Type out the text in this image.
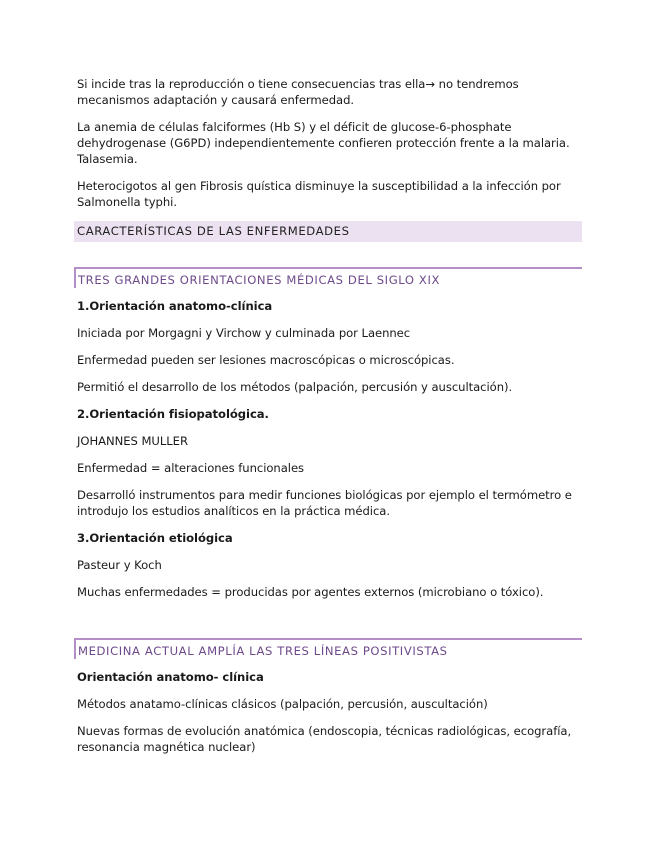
Si incide tras la reproducción o tiene consecuencias tras ella→ no tendremos mecanismos adaptación y causará enfermedad.

La anemia de células falciformes (Hb S) y el déficit de glucose-6-phosphate dehydrogenase (G6PD) independientemente confieren protección frente a la malaria. Talasemia.

Heterocigotos al gen Fibrosis quística disminuye la susceptibilidad a la infección por Salmonella typhi.

CARACTERÍSTICAS DE LAS ENFERMEDADES
TRES GRANDES ORIENTACIONES MÉDICAS DEL SIGLO XIX

1.Orientación anatomo-clínica

Iniciada por Morgagni y Virchow y culminada por Laennec

Enfermedad pueden ser lesiones macroscópicas o microscópicas.

Permitió el desarrollo de los métodos (palpación, percusión y auscultación).

2.Orientación fisiopatológica.

JOHANNES MULLER

Enfermedad = alteraciones funcionales

Desarrolló instrumentos para medir funciones biológicas por ejemplo el termómetro e introdujo los estudios analíticos en la práctica médica.

3.Orientación etiológica

Pasteur y Koch

Muchas enfermedades = producidas por agentes externos (microbiano o tóxico).

MEDICINA ACTUAL AMPLÍA LAS TRES LÍNEAS POSITIVISTAS

Orientación anatomo- clínica

Métodos anatamo-clínicas clásicos (palpación, percusión, auscultación)

Nuevas formas de evolución anatómica (endoscopia, técnicas radiológicas, ecografía, resonancia magnética nuclear)
